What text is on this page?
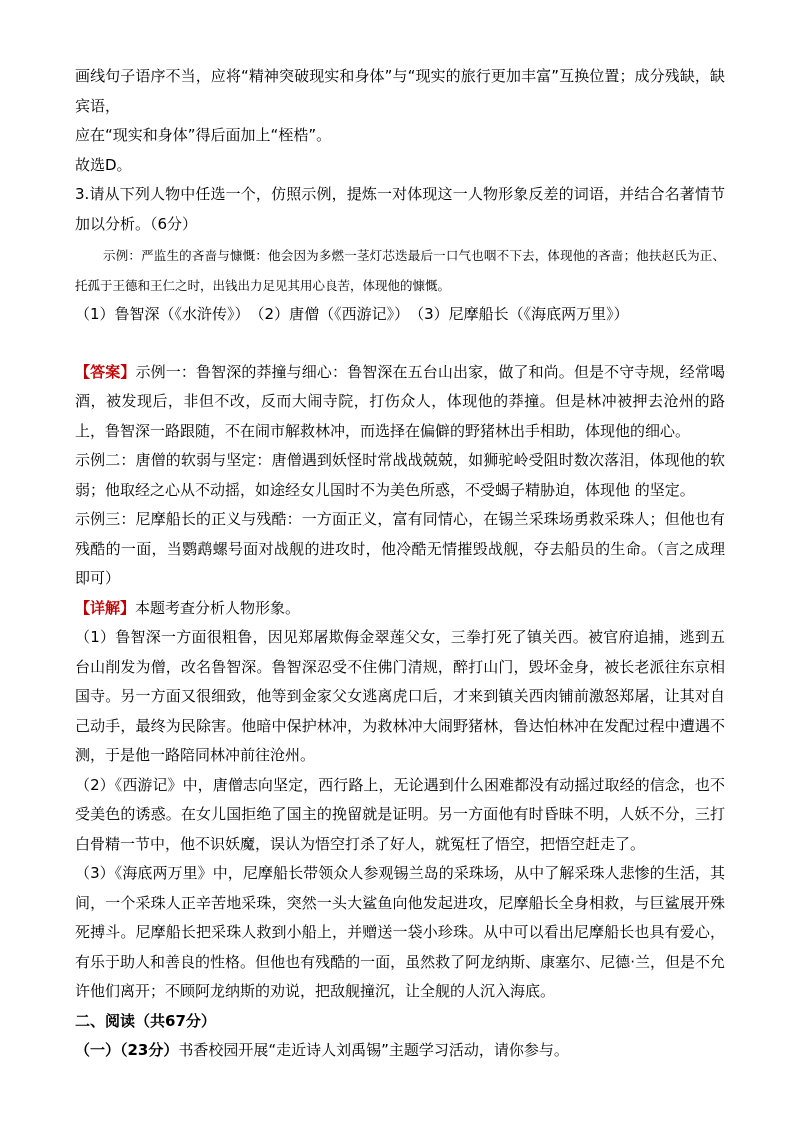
画线句子语序不当，应将“精神突破现实和身体”与“现实的旅行更加丰富”互换位置；成分残缺，缺宾语，

应在“现实和身体”得后面加上“桎梏”。

故选D。

3.请从下列人物中任选一个，仿照示例，提炼一对体现这一人物形象反差的词语，并结合名著情节加以分析。（6分）

示例：严监生的吝啬与慷慨：他会因为多燃一茎灯芯迭最后一口气也咽不下去，体现他的吝啬；他扶赵氏为正、托孤于王德和王仁之时，出钱出力足见其用心良苦，体现他的慷慨。

（1）鲁智深（《水浒传》）　（2）唐僧（《西游记》）　（3）尼摩船长（《海底两万里》）

【答案】示例一：鲁智深的莽撞与细心：鲁智深在五台山出家，做了和尚。但是不守寺规，经常喝酒，被发现后，非但不改，反而大闹寺院，打伤众人，体现他的莽撞。但是林冲被押去沧州的路 上，鲁智深一路跟随，不在闹市解救林冲，而选择在偏僻的野猪林出手相助，体现他的细心。

示例二：唐僧的软弱与坚定：唐僧遇到妖怪时常战战兢兢，如狮驼岭受阻时数次落泪，体现他的软弱；他取经之心从不动摇，如途经女儿国时不为美色所惑，不受蝎子精胁迫，体现他 的坚定。

示例三：尼摩船长的正义与残酷：一方面正义，富有同情心，在锡兰采珠场勇救采珠人；但他也有残酷的一面，当鹦鹉螺号面对战舰的进攻时，他冷酷无情摧毁战舰，夺去船员的生命。（言之成理即可）

【详解】本题考查分析人物形象。

（1）鲁智深一方面很粗鲁，因见郑屠欺侮金翠莲父女，三拳打死了镇关西。被官府追捕，逃到五台山削发为僧，改名鲁智深。鲁智深忍受不住佛门清规，醉打山门，毁坏金身，被长老派往东京相国寺。另一方面又很细致，他等到金家父女逃离虎口后，才来到镇关西肉铺前激怒郑屠，让其对自己动手，最终为民除害。他暗中保护林冲，为救林冲大闹野猪林，鲁达怕林冲在发配过程中遭遇不测，于是他一路陪同林冲前往沧州。

（2）《西游记》中，唐僧志向坚定，西行路上，无论遇到什么困难都没有动摇过取经的信念，也不受美色的诱惑。在女儿国拒绝了国主的挽留就是证明。另一方面他有时昏昧不明，人妖不分，三打白骨精一节中，他不识妖魔，误认为悟空打杀了好人，就冤枉了悟空，把悟空赶走了。

（3）《海底两万里》中，尼摩船长带领众人参观锡兰岛的采珠场，从中了解采珠人悲惨的生活，其间，一个采珠人正辛苦地采珠，突然一头大鲨鱼向他发起进攻，尼摩船长全身相救，与巨鲨展开殊死搏斗。尼摩船长把采珠人救到小船上，并赠送一袋小珍珠。从中可以看出尼摩船长也具有爱心，有乐于助人和善良的性格。但他也有残酷的一面，虽然救了阿龙纳斯、康塞尔、尼德·兰，但是不允许他们离开；不顾阿龙纳斯的劝说，把敌舰撞沉，让全舰的人沉入海底。

二、阅读（共67分）

（一）（23分）书香校园开展“走近诗人刘禹锡”主题学习活动，请你参与。
